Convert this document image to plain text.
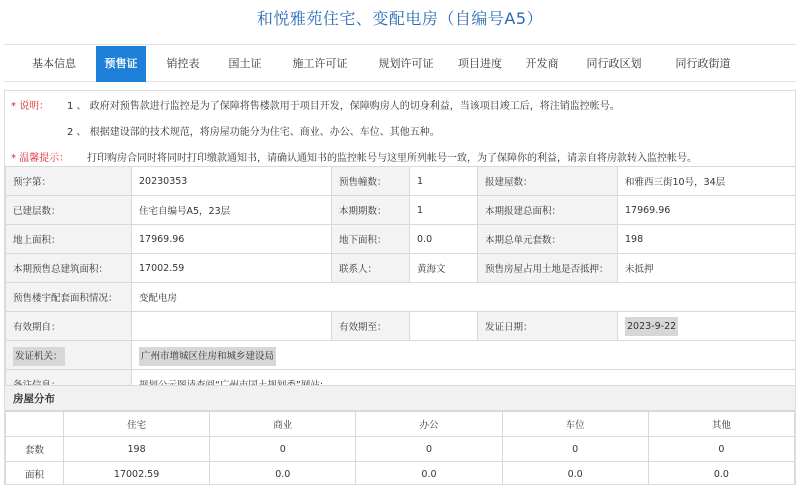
和悦雅苑住宅、变配电房（自编号A5）
基本信息	预售证	销控表	国土证	施工许可证	规划许可证	项目进度	开发商	同行政区划	同行政街道
* 说明： 1 、 政府对预售款进行监控是为了保障将售楼款用于项目开发，保障购房人的切身利益，当该项目竣工后，将注销监控帐号。
2 、 根据建设部的技术规范，将房屋功能分为住宅、商业、办公、车位、其他五种。
* 温馨提示： 打印购房合同时将同时打印缴款通知书，请确认通知书的监控帐号与这里所列帐号一致，为了保障你的利益，请亲自将房款转入监控帐号。
预字第：	20230353	预售幢数：	1	报建屋数：	和雅西三街10号，34层
已建层数：	住宅自编号A5，23层	本期期数：	1	本期报建总面积：	17969.96
地上面积：	17969.96	地下面积：	0.0	本期总单元套数：	198
本期预售总建筑面积：	17002.59	联系人：	黄海文	预售房屋占用土地是否抵押：	未抵押
预售楼宇配套面积情况：	变配电房				
有效期自：		有效期至：		发证日期：	2023-9-22
发证机关：	广州市增城区住房和城乡建设局				

房屋分布
	住宅	商业	办公	车位	其他
套数	198	0	0	0	0
面积	17002.59	0.0	0.0	0.0	0.0
